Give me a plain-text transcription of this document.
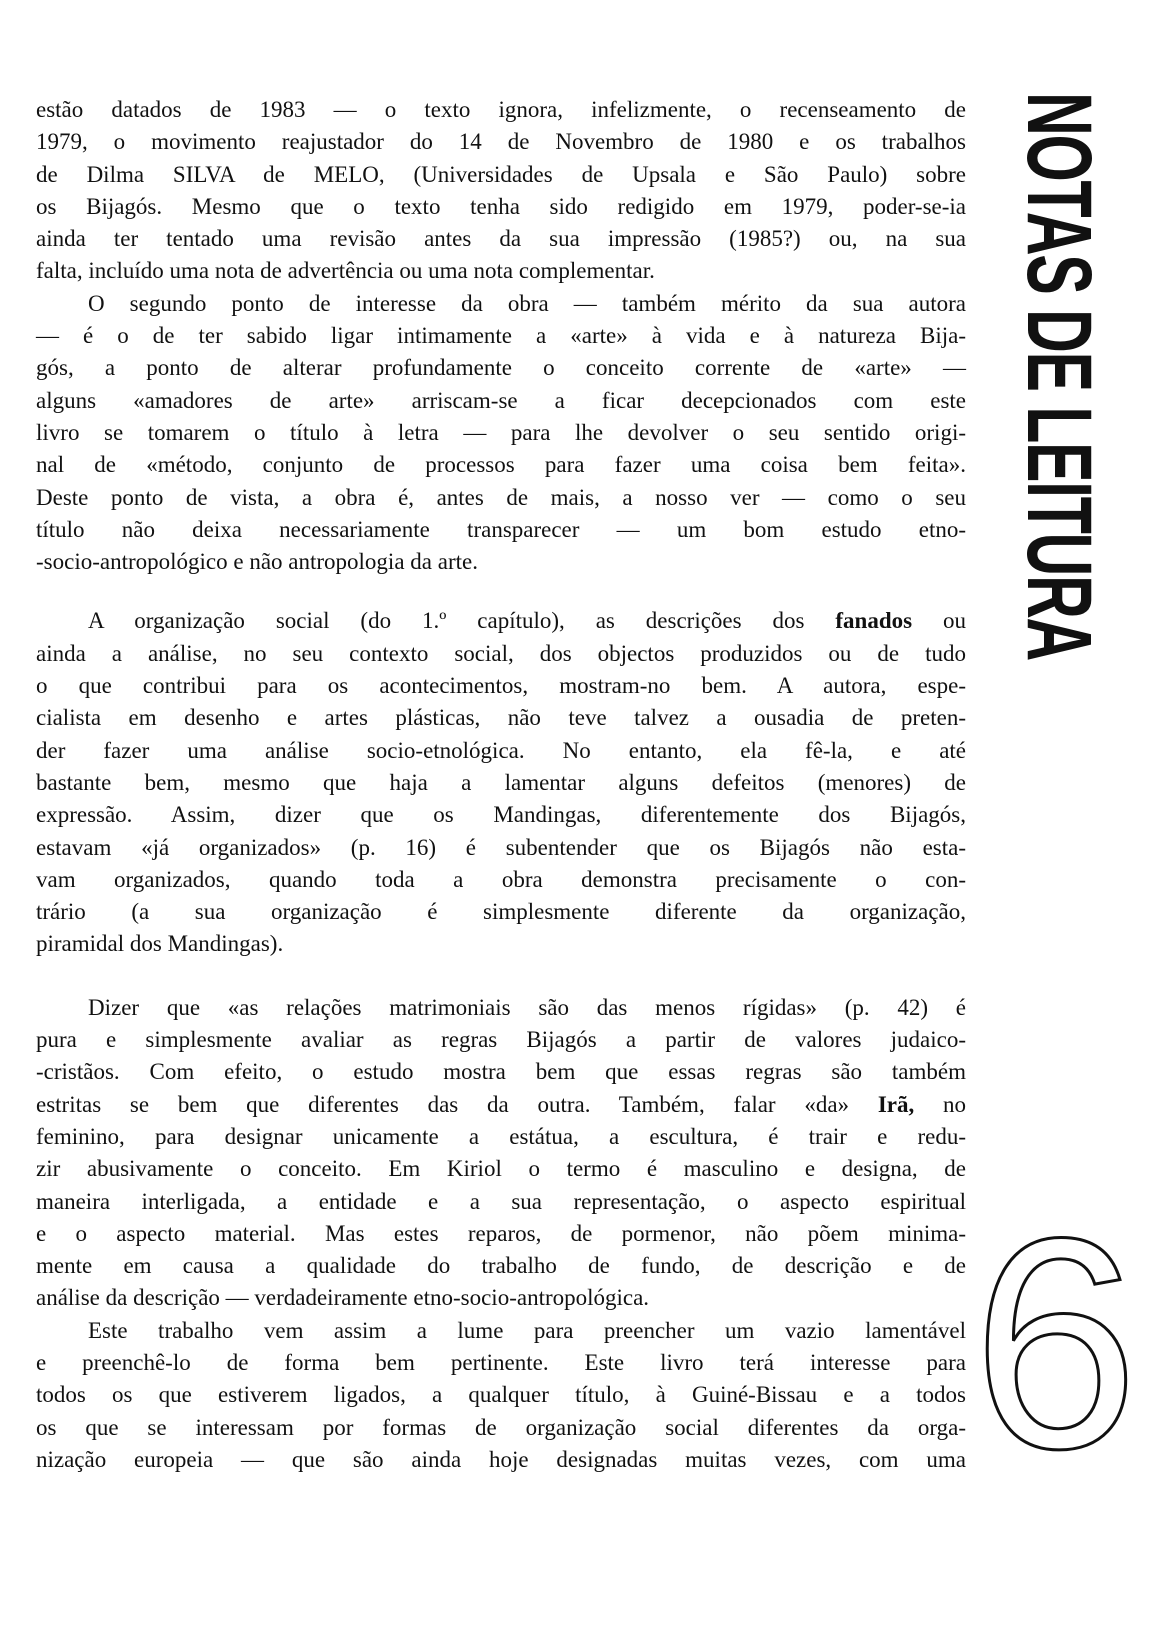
estão datados de 1983 — o texto ignora, infelizmente, o recenseamento de
1979, o movimento reajustador do 14 de Novembro de 1980 e os trabalhos
de Dilma SILVA de MELO, (Universidades de Upsala e São Paulo) sobre
os Bijagós. Mesmo que o texto tenha sido redigido em 1979, poder-se-ia
ainda ter tentado uma revisão antes da sua impressão (1985?) ou, na sua
falta, incluído uma nota de advertência ou uma nota complementar.
O segundo ponto de interesse da obra — também mérito da sua autora
— é o de ter sabido ligar intimamente a «arte» à vida e à natureza Bija-
gós, a ponto de alterar profundamente o conceito corrente de «arte» —
alguns «amadores de arte» arriscam-se a ficar decepcionados com este
livro se tomarem o título à letra — para lhe devolver o seu sentido origi-
nal de «método, conjunto de processos para fazer uma coisa bem feita».
Deste ponto de vista, a obra é, antes de mais, a nosso ver — como o seu
título não deixa necessariamente transparecer — um bom estudo etno-
-socio-antropológico e não antropologia da arte.
A organização social (do 1.º capítulo), as descrições dos fanados ou
ainda a análise, no seu contexto social, dos objectos produzidos ou de tudo
o que contribui para os acontecimentos, mostram-no bem. A autora, espe-
cialista em desenho e artes plásticas, não teve talvez a ousadia de preten-
der fazer uma análise socio-etnológica. No entanto, ela fê-la, e até
bastante bem, mesmo que haja a lamentar alguns defeitos (menores) de
expressão. Assim, dizer que os Mandingas, diferentemente dos Bijagós,
estavam «já organizados» (p. 16) é subentender que os Bijagós não esta-
vam organizados, quando toda a obra demonstra precisamente o con-
trário (a sua organização é simplesmente diferente da organização,
piramidal dos Mandingas).
Dizer que «as relações matrimoniais são das menos rígidas» (p. 42) é
pura e simplesmente avaliar as regras Bijagós a partir de valores judaico-
-cristãos. Com efeito, o estudo mostra bem que essas regras são também
estritas se bem que diferentes das da outra. Também, falar «da» Irã, no
feminino, para designar unicamente a estátua, a escultura, é trair e redu-
zir abusivamente o conceito. Em Kiriol o termo é masculino e designa, de
maneira interligada, a entidade e a sua representação, o aspecto espiritual
e o aspecto material. Mas estes reparos, de pormenor, não põem minima-
mente em causa a qualidade do trabalho de fundo, de descrição e de
análise da descrição — verdadeiramente etno-socio-antropológica.
Este trabalho vem assim a lume para preencher um vazio lamentável
e preenchê-lo de forma bem pertinente. Este livro terá interesse para
todos os que estiverem ligados, a qualquer título, à Guiné-Bissau e a todos
os que se interessam por formas de organização social diferentes da orga-
nização europeia — que são ainda hoje designadas muitas vezes, com uma
NOTAS DE LEITURA
6
